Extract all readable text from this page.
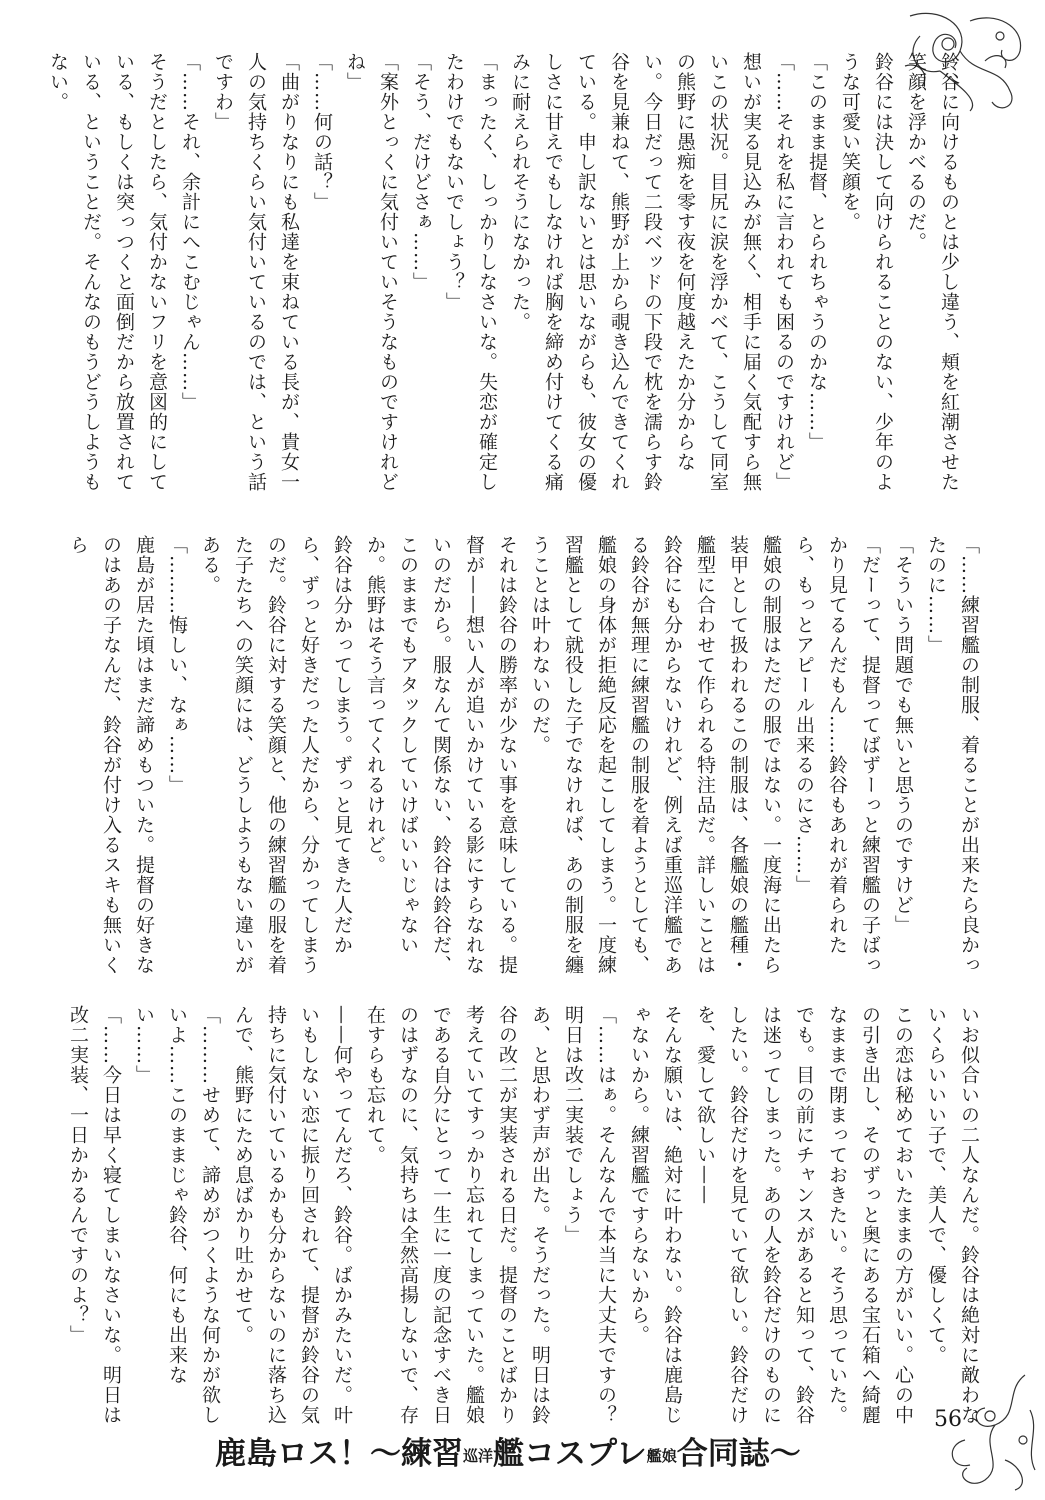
鈴谷に向けるものとは少し違う、頬を紅潮させた笑顔を浮かべるのだ。

鈴谷には決して向けられることのない、少年のような可愛い笑顔を。

「このまま提督、とられちゃうのかな……」

「……それを私に言われても困るのですけれど」

想いが実る見込みが無く、相手に届く気配すら無いこの状況。目尻に涙を浮かべて、こうして同室の熊野に愚痴を零す夜を何度越えたか分からない。今日だって二段ベッドの下段で枕を濡らす鈴谷を見兼ねて、熊野が上から覗き込んできてくれている。申し訳ないとは思いながらも、彼女の優しさに甘えでもしなければ胸を締め付けてくる痛みに耐えられそうになかった。

「まったく、しっかりしなさいな。失恋が確定したわけでもないでしょう？」

「そう、だけどさぁ……」

「案外とっくに気付いていそうなものですけれどね」

「……何の話？」

「曲がりなりにも私達を束ねている長が、貴女一人の気持ちくらい気付いているのでは、という話ですわ」

「……それ、余計にへこむじゃん……」

そうだとしたら、気付かないフリを意図的にしている、もしくは突っつくと面倒だから放置されている、ということだ。そんなのもうどうしようもない。

「……練習艦の制服、着ることが出来たら良かったのに……」

「そういう問題でも無いと思うのですけど」

「だーって、提督ってばずーっと練習艦の子ばっかり見てるんだもん……鈴谷もあれが着られたら、もっとアピール出来るのにさ……」

艦娘の制服はただの服ではない。一度海に出たら装甲として扱われるこの制服は、各艦娘の艦種・艦型に合わせて作られる特注品だ。詳しいことは鈴谷にも分からないけれど、例えば重巡洋艦である鈴谷が無理に練習艦の制服を着ようとしても、艦娘の身体が拒絶反応を起こしてしまう。一度練習艦として就役した子でなければ、あの制服を纏うことは叶わないのだ。

それは鈴谷の勝率が少ない事を意味している。提督が——想い人が追いかけている影にすらなれないのだから。服なんて関係ない、鈴谷は鈴谷だ、このままでもアタックしていけばいいじゃないか。熊野はそう言ってくれるけれど。

鈴谷は分かってしまう。ずっと見てきた人だから、ずっと好きだった人だから、分かってしまうのだ。鈴谷に対する笑顔と、他の練習艦の服を着た子たちへの笑顔には、どうしようもない違いがある。

「………悔しい、なぁ……」

鹿島が居た頃はまだ諦めもついた。提督の好きなのはあの子なんだ、鈴谷が付け入るスキも無いくら

いお似合いの二人なんだ。鈴谷は絶対に敵わないくらいいい子で、美人で、優しくて。

この恋は秘めておいたままの方がいい。心の中の引き出し、そのずっと奥にある宝石箱へ綺麗なままで閉まっておきたい。そう思っていた。

でも。目の前にチャンスがあると知って、鈴谷は迷ってしまった。あの人を鈴谷だけのものにしたい。鈴谷だけを見ていて欲しい。鈴谷だけを、愛して欲しい——

そんな願いは、絶対に叶わない。鈴谷は鹿島じゃないから。練習艦ですらないから。

「……はぁ。そんなんで本当に大丈夫ですの？ 明日は改二実装でしょう」

あ、と思わず声が出た。そうだった。明日は鈴谷の改二が実装される日だ。提督のことばかり考えていてすっかり忘れてしまっていた。艦娘である自分にとって一生に一度の記念すべき日のはずなのに、気持ちは全然高揚しないで、存在すらも忘れて。

——何やってんだろ、鈴谷。ばかみたいだ。叶いもしない恋に振り回されて、提督が鈴谷の気持ちに気付いているかも分からないのに落ち込んで、熊野にため息ばかり吐かせて。

「………せめて、諦めがつくような何かが欲しいよ……このままじゃ鈴谷、何にも出来ない……」

「……今日は早く寝てしまいなさいな。明日は改二実装、一日かかるんですのよ？」

鹿島ロス！～練習巡洋艦コスプレ艦娘合同誌～
56
